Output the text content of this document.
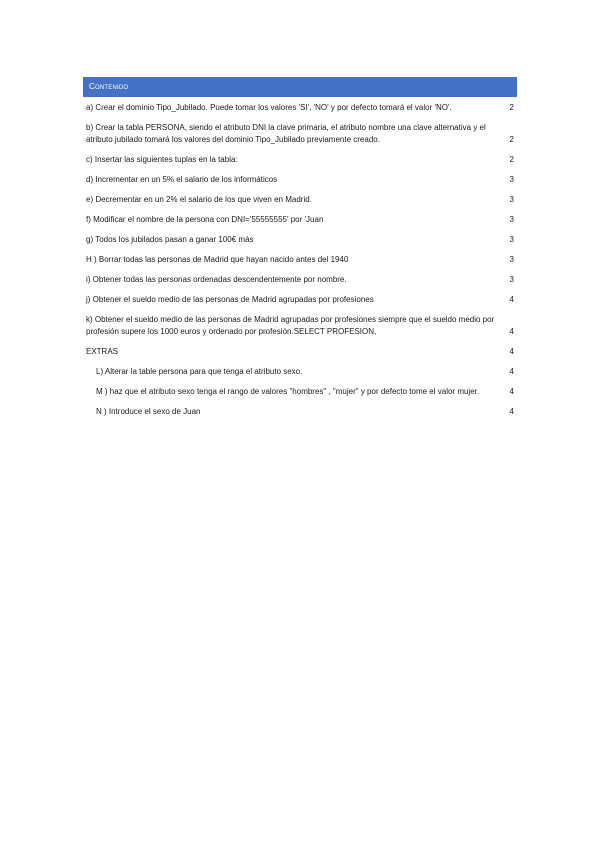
Contenido
a) Crear el dominio Tipo_Jubilado. Puede tomar los valores 'SI', 'NO' y por defecto tomará el valor 'NO'.	2
b) Crear la tabla PERSONA, siendo el atributo DNI la clave primaria, el atributo nombre una clave alternativa y el atributo jubilado tomará los valores del dominio Tipo_Jubilado previamente creado.	2
c) Insertar las siguientes tuplas en la tabla:	2
d) Incrementar en un 5% el salario de los informáticos	3
e) Decrementar en un 2% el salario de los que viven en Madrid.	3
f) Modificar el nombre de la persona con DNI='55555555' por 'Juan	3
g) Todos los jubilados pasan a ganar 100€ más	3
H ) Borrar todas las personas de Madrid que hayan nacido antes del 1940	3
i) Obtener todas las personas ordenadas descendentemente por nombre.	3
j) Obtener el sueldo medio de las personas de Madrid agrupadas por profesiones	4
k) Obtener el sueldo medio de las personas de Madrid agrupadas por profesiones siempre que el sueldo medio por profesión supere los 1000 euros y ordenado por profesión.SELECT PROFESION,	4
EXTRAS	4
L) Alterar la table persona para que tenga el atributo sexo.	4
M ) haz que el atributo sexo tenga el rango de valores "hombres" , "mujer" y por defecto tome el valor mujer.	4
N ) Introduce el sexo de Juan	4
